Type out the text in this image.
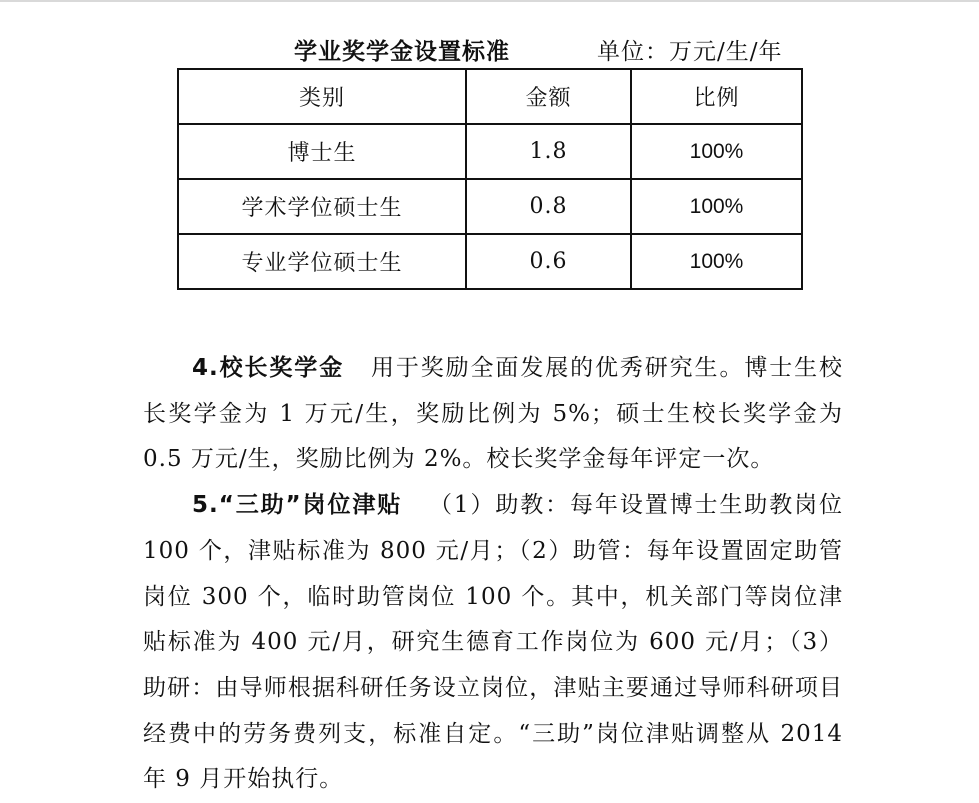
学业奖学金设置标准	单位：万元/生/年
类别	金额	比例
博士生	1.8	100%
学术学位硕士生	0.8	100%
专业学位硕士生	0.6	100%

4.校长奖学金 用于奖励全面发展的优秀研究生。博士生校长奖学金为 1 万元/生，奖励比例为 5%；硕士生校长奖学金为 0.5 万元/生，奖励比例为 2%。校长奖学金每年评定一次。

5.“三助”岗位津贴 （1）助教：每年设置博士生助教岗位 100 个，津贴标准为 800 元/月；（2）助管：每年设置固定助管岗位 300 个，临时助管岗位 100 个。其中，机关部门等岗位津贴标准为 400 元/月，研究生德育工作岗位为 600 元/月；（3）助研：由导师根据科研任务设立岗位，津贴主要通过导师科研项目经费中的劳务费列支，标准自定。“三助”岗位津贴调整从 2014 年 9 月开始执行。
